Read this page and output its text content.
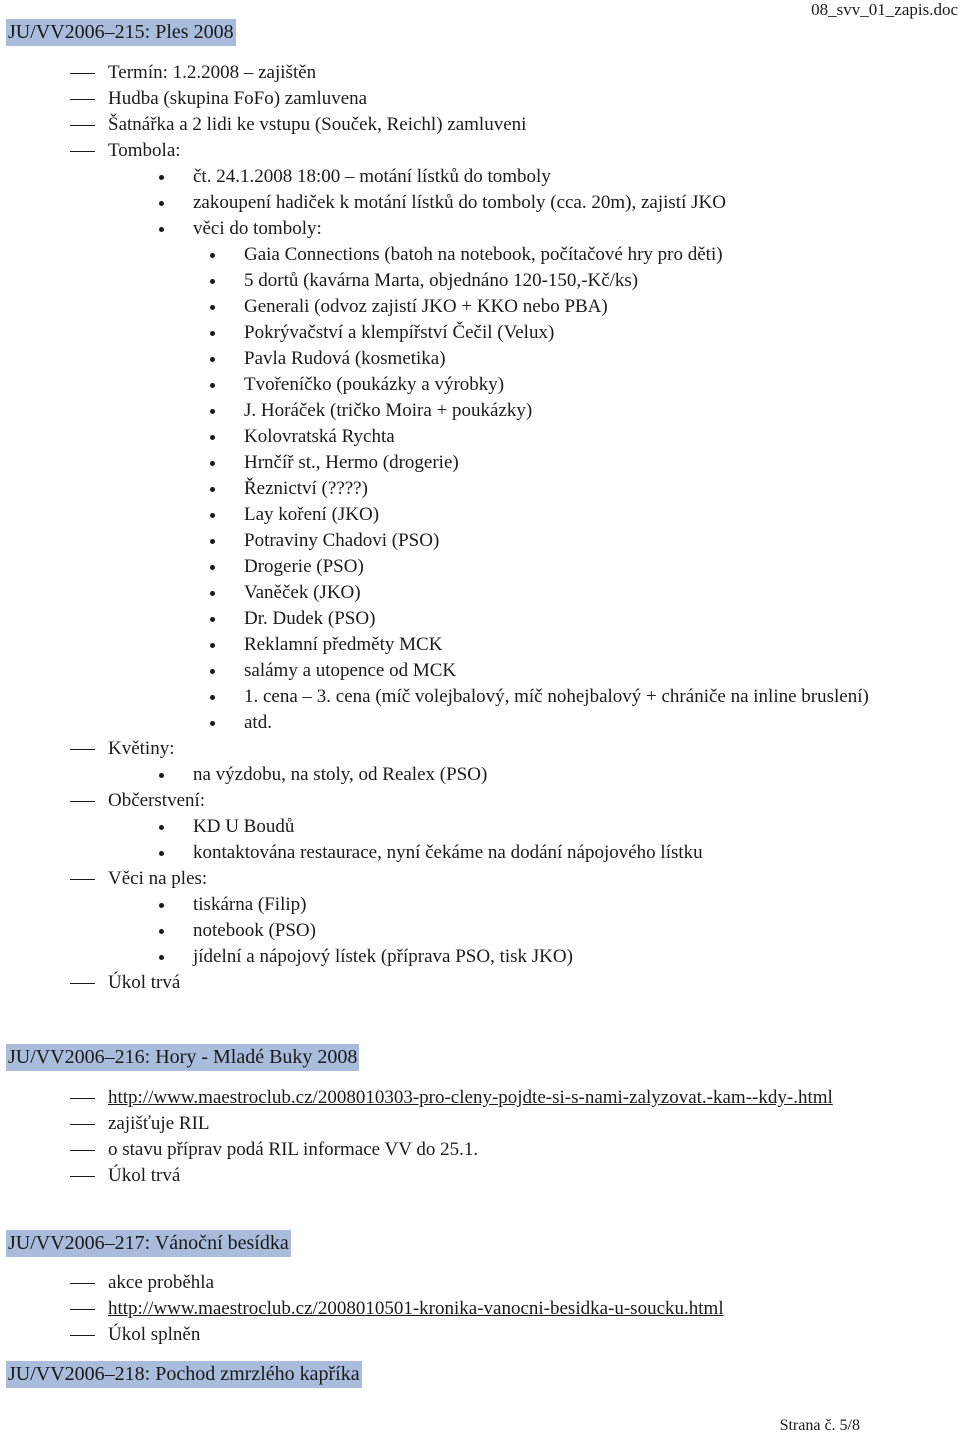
08_svv_01_zapis.doc
JU/VV2006–215: Ples 2008
Termín: 1.2.2008 – zajištěn
Hudba (skupina FoFo) zamluvena
Šatnářka a 2 lidi ke vstupu (Souček, Reichl) zamluveni
Tombola:
čt. 24.1.2008 18:00 – motání lístků do tomboly
zakoupení hadiček k motání lístků do tomboly (cca. 20m), zajistí JKO
věci do tomboly:
Gaia Connections (batoh na notebook, počítačové hry pro děti)
5 dortů (kavárna Marta, objednáno 120-150,-Kč/ks)
Generali (odvoz zajistí JKO + KKO nebo PBA)
Pokrývačství a klempířství Čečil (Velux)
Pavla Rudová (kosmetika)
Tvořeníčko (poukázky a výrobky)
J. Horáček (tričko Moira + poukázky)
Kolovratská Rychta
Hrnčíř st., Hermo (drogerie)
Řeznictví (????)
Lay koření (JKO)
Potraviny Chadovi (PSO)
Drogerie (PSO)
Vaněček (JKO)
Dr. Dudek (PSO)
Reklamní předměty MCK
salámy a utopence od MCK
1. cena – 3. cena (míč volejbalový, míč nohejbalový + chrániče na inline bruslení)
atd.
Květiny:
na výzdobu, na stoly, od Realex (PSO)
Občerstvení:
KD U Boudů
kontaktována restaurace, nyní čekáme na dodání nápojového lístku
Věci na ples:
tiskárna (Filip)
notebook (PSO)
jídelní a nápojový lístek (příprava PSO, tisk JKO)
Úkol trvá
JU/VV2006–216: Hory - Mladé Buky 2008
http://www.maestroclub.cz/2008010303-pro-cleny-pojdte-si-s-nami-zalyzovat.-kam--kdy-.html
zajišťuje RIL
o stavu příprav podá RIL informace VV do 25.1.
Úkol trvá
JU/VV2006–217: Vánoční besídka
akce proběhla
http://www.maestroclub.cz/2008010501-kronika-vanocni-besidka-u-soucku.html
Úkol splněn
JU/VV2006–218: Pochod zmrzlého kapříka
Strana č. 5/8
